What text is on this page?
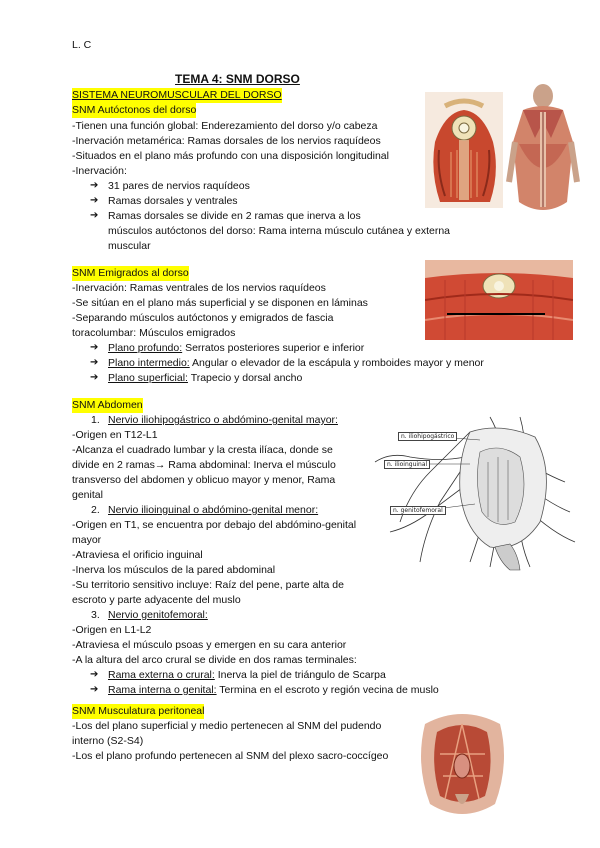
L. C
TEMA 4: SNM DORSO
SISTEMA NEUROMUSCULAR DEL DORSO
SNM Autóctonos del dorso
-Tienen una función global: Enderezamiento del dorso y/o cabeza
-Inervación metamérica: Ramas dorsales de los nervios raquídeos
-Situados en el plano más profundo con una disposición longitudinal
-Inervación:
➔ 31 pares de nervios raquídeos
➔ Ramas dorsales y ventrales
➔ Ramas dorsales se divide en 2 ramas que inerva a los
músculos autóctonos del dorso: Rama interna músculo cutánea y externa
muscular
SNM Emigrados al dorso
-Inervación: Ramas ventrales de los nervios raquídeos
-Se sitúan en el plano más superficial y se disponen en láminas
-Separando músculos autóctonos y emigrados de fascia
toracolumbar: Músculos emigrados
➔ Plano profundo: Serratos posteriores superior e inferior
➔ Plano intermedio: Angular o elevador de la escápula y romboides mayor y menor
➔ Plano superficial: Trapecio y dorsal ancho
SNM Abdomen
1. Nervio iliohipogástrico o abdómino-genital mayor:
-Origen en T12-L1
-Alcanza el cuadrado lumbar y la cresta ilíaca, donde se
divide en 2 ramas→ Rama abdominal: Inerva el músculo
transverso del abdomen y oblicuo mayor y menor, Rama
genital
2. Nervio ilioinguinal o abdómino-genital menor:
-Origen en T1, se encuentra por debajo del abdómino-genital
mayor
-Atraviesa el orificio inguinal
-Inerva los músculos de la pared abdominal
-Su territorio sensitivo incluye: Raíz del pene, parte alta de
escroto y parte adyacente del muslo
3. Nervio genitofemoral:
-Origen en L1-L2
-Atraviesa el músculo psoas y emergen en su cara anterior
-A la altura del arco crural se divide en dos ramas terminales:
➔ Rama externa o crural: Inerva la piel de triángulo de Scarpa
➔ Rama interna o genital: Termina en el escroto y región vecina de muslo
n. iliohipogástrico
n. ilioinguinal
n. genitofemoral
SNM Musculatura peritoneal
-Los del plano superficial y medio pertenecen al SNM del pudendo
interno (S2-S4)
-Los el plano profundo pertenecen al SNM del plexo sacro-coccígeo
